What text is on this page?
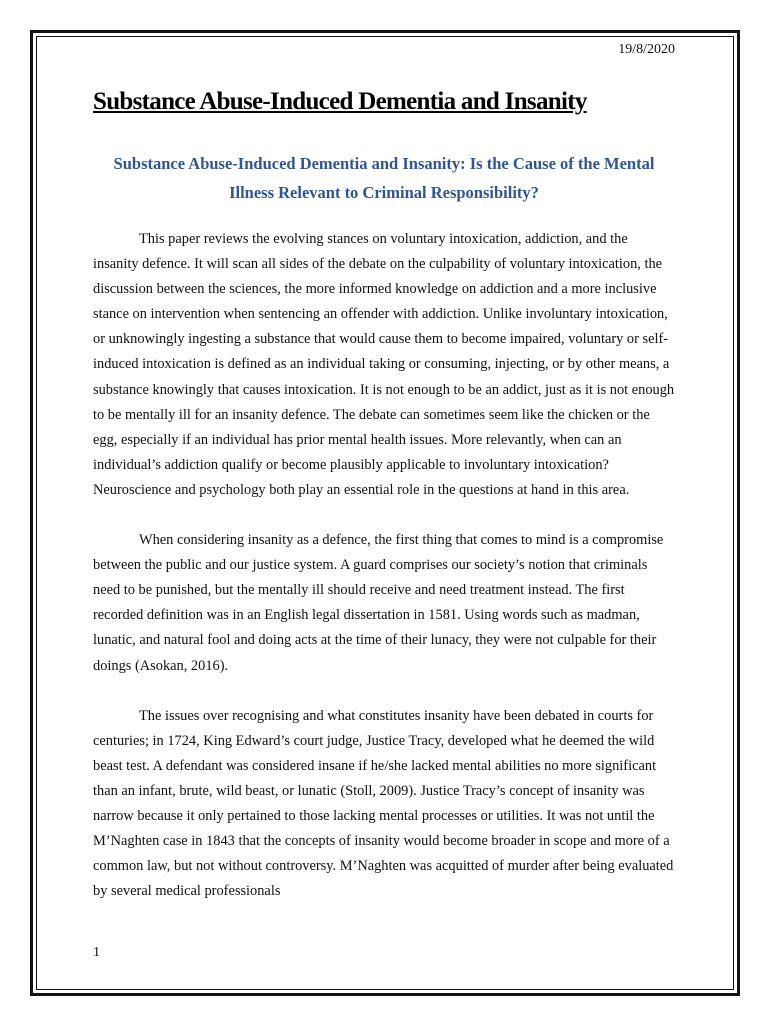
19/8/2020
Substance Abuse-Induced Dementia and Insanity
Substance Abuse-Induced Dementia and Insanity: Is the Cause of the Mental Illness Relevant to Criminal Responsibility?

This paper reviews the evolving stances on voluntary intoxication, addiction, and the insanity defence. It will scan all sides of the debate on the culpability of voluntary intoxication, the discussion between the sciences, the more informed knowledge on addiction and a more inclusive stance on intervention when sentencing an offender with addiction. Unlike involuntary intoxication, or unknowingly ingesting a substance that would cause them to become impaired, voluntary or self-induced intoxication is defined as an individual taking or consuming, injecting, or by other means, a substance knowingly that causes intoxication. It is not enough to be an addict, just as it is not enough to be mentally ill for an insanity defence. The debate can sometimes seem like the chicken or the egg, especially if an individual has prior mental health issues. More relevantly, when can an individual’s addiction qualify or become plausibly applicable to involuntary intoxication? Neuroscience and psychology both play an essential role in the questions at hand in this area.

When considering insanity as a defence, the first thing that comes to mind is a compromise between the public and our justice system. A guard comprises our society’s notion that criminals need to be punished, but the mentally ill should receive and need treatment instead. The first recorded definition was in an English legal dissertation in 1581. Using words such as madman, lunatic, and natural fool and doing acts at the time of their lunacy, they were not culpable for their doings (Asokan, 2016).

The issues over recognising and what constitutes insanity have been debated in courts for centuries; in 1724, King Edward’s court judge, Justice Tracy, developed what he deemed the wild beast test. A defendant was considered insane if he/she lacked mental abilities no more significant than an infant, brute, wild beast, or lunatic (Stoll, 2009). Justice Tracy’s concept of insanity was narrow because it only pertained to those lacking mental processes or utilities. It was not until the M’Naghten case in 1843 that the concepts of insanity would become broader in scope and more of a common law, but not without controversy. M’Naghten was acquitted of murder after being evaluated by several medical professionals

1
